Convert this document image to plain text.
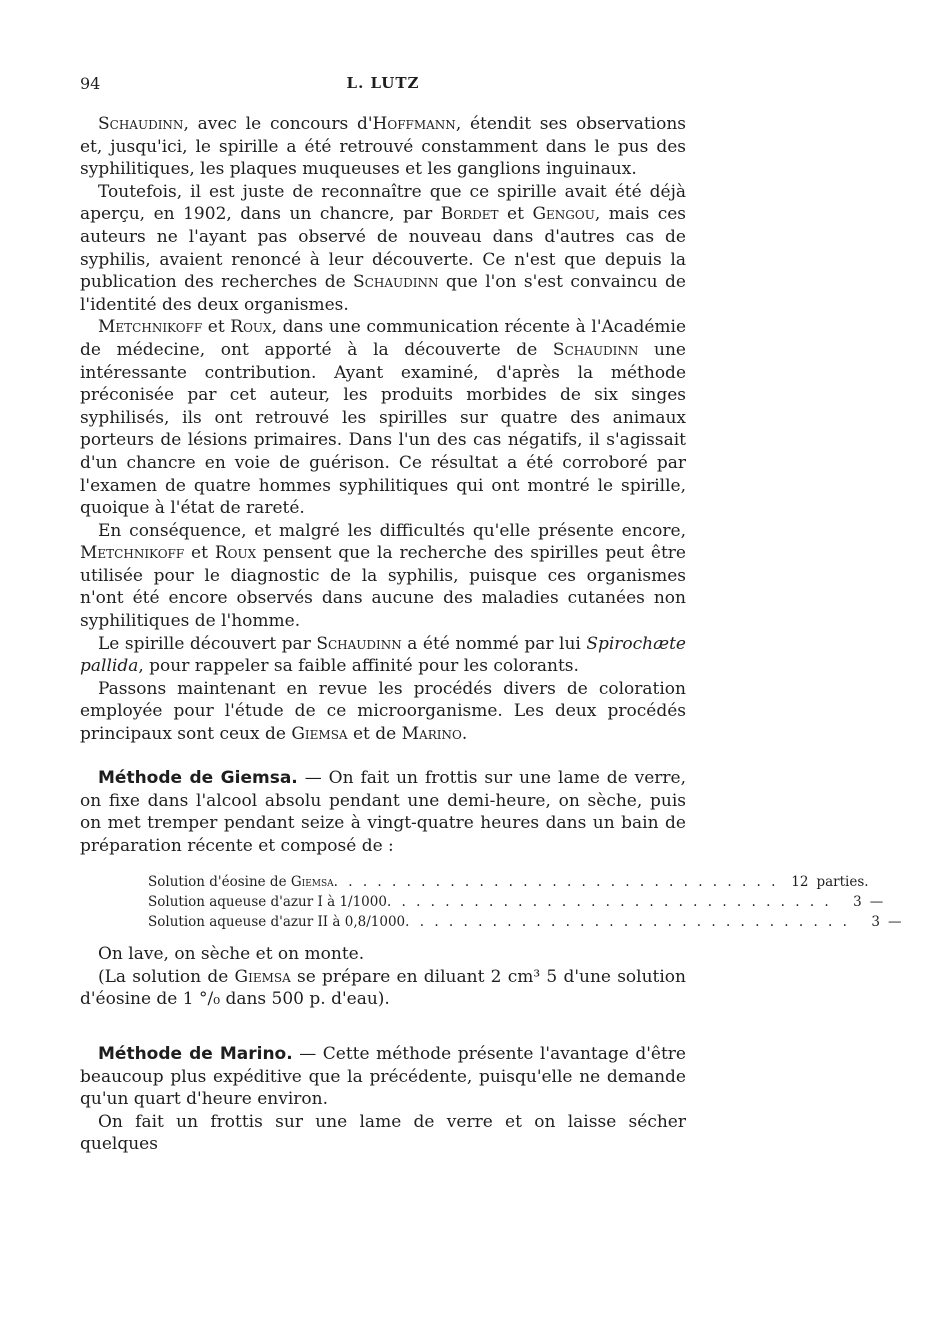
94	L. LUTZ

Schaudinn, avec le concours d'Hoffmann, étendit ses observations et, jusqu'ici, le spirille a été retrouvé constamment dans le pus des syphilitiques, les plaques muqueuses et les ganglions inguinaux.

Toutefois, il est juste de reconnaître que ce spirille avait été déjà aperçu, en 1902, dans un chancre, par Bordet et Gengou, mais ces auteurs ne l'ayant pas observé de nouveau dans d'autres cas de syphilis, avaient renoncé à leur découverte. Ce n'est que depuis la publication des recherches de Schaudinn que l'on s'est convaincu de l'identité des deux organismes.

Metchnikoff et Roux, dans une communication récente à l'Académie de médecine, ont apporté à la découverte de Schaudinn une intéressante contribution. Ayant examiné, d'après la méthode préconisée par cet auteur, les produits morbides de six singes syphilisés, ils ont retrouvé les spirilles sur quatre des animaux porteurs de lésions primaires. Dans l'un des cas négatifs, il s'agissait d'un chancre en voie de guérison. Ce résultat a été corroboré par l'examen de quatre hommes syphilitiques qui ont montré le spirille, quoique à l'état de rareté.

En conséquence, et malgré les difficultés qu'elle présente encore, Metchnikoff et Roux pensent que la recherche des spirilles peut être utilisée pour le diagnostic de la syphilis, puisque ces organismes n'ont été encore observés dans aucune des maladies cutanées non syphilitiques de l'homme.

Le spirille découvert par Schaudinn a été nommé par lui Spirochæte pallida, pour rappeler sa faible affinité pour les colorants.

Passons maintenant en revue les procédés divers de coloration employée pour l'étude de ce microorganisme. Les deux procédés principaux sont ceux de Giemsa et de Marino.

Méthode de Giemsa. — On fait un frottis sur une lame de verre, on fixe dans l'alcool absolu pendant une demi-heure, on sèche, puis on met tremper pendant seize à vingt-quatre heures dans un bain de préparation récente et composé de :

Solution d'éosine de Giemsa . . . . . . . . . . . . . . . . . . . . . . . . . . . . . . . 12 parties.
Solution aqueuse d'azur I à 1/1000 . . . . . . . . . . . . . . . . . . . . . . . . . . . . . . .	3 —
Solution aqueuse d'azur II à 0,8/1000 . . . . . . . . . . . . . . . . . . . . . . . . . . . . . . .	3 —

On lave, on sèche et on monte.

(La solution de Giemsa se prépare en diluant 2 cm³ 5 d'une solution d'éosine de 1 °/₀ dans 500 p. d'eau).

Méthode de Marino. — Cette méthode présente l'avantage d'être beaucoup plus expéditive que la précédente, puisqu'elle ne demande qu'un quart d'heure environ.

On fait un frottis sur une lame de verre et on laisse sécher quelques
